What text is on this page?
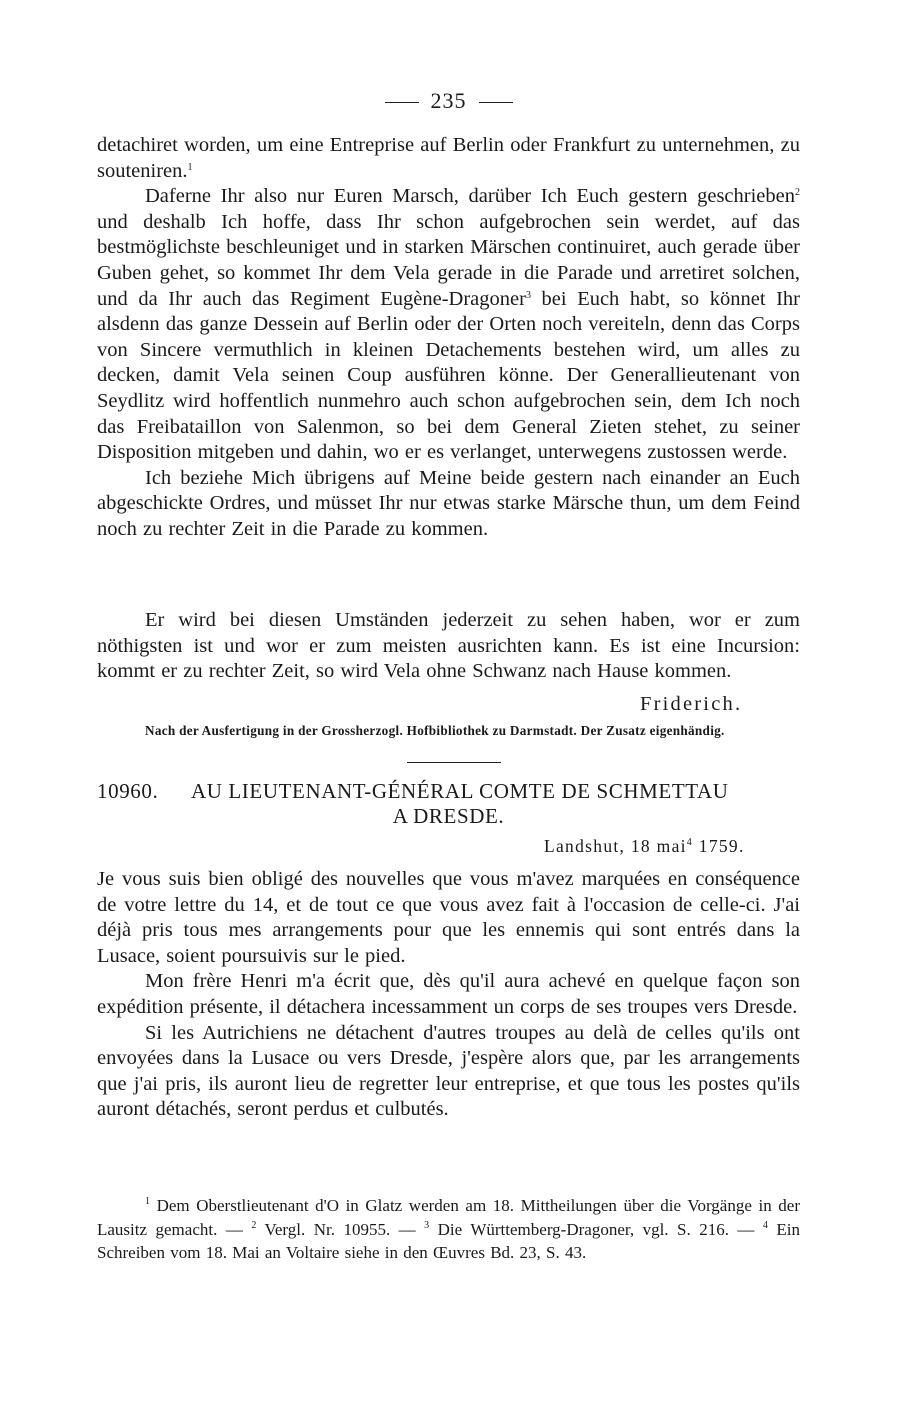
235

detachiret worden, um eine Entreprise auf Berlin oder Frankfurt zu unternehmen, zu souteniren.$^1$

Daferne Ihr also nur Euren Marsch, darüber Ich Euch gestern geschrieben$^2$ und deshalb Ich hoffe, dass Ihr schon aufgebrochen sein werdet, auf das bestmöglichste beschleuniget und in starken Märschen continuiret, auch gerade über Guben gehet, so kommet Ihr dem Vela gerade in die Parade und arretiret solchen, und da Ihr auch das Regiment Eugène-Dragoner$^3$ bei Euch habt, so könnet Ihr alsdenn das ganze Dessein auf Berlin oder der Orten noch vereiteln, denn das Corps von Sincere vermuthlich in kleinen Detachements bestehen wird, um alles zu decken, damit Vela seinen Coup ausführen könne. Der Generallieutenant von Seydlitz wird hoffentlich nunmehro auch schon aufgebrochen sein, dem Ich noch das Freibataillon von Salenmon, so bei dem General Zieten stehet, zu seiner Disposition mitgeben und dahin, wo er es verlanget, unterwegens zustossen werde.

Ich beziehe Mich übrigens auf Meine beide gestern nach einander an Euch abgeschickte Ordres, und müsset Ihr nur etwas starke Märsche thun, um dem Feind noch zu rechter Zeit in die Parade zu kommen.

Er wird bei diesen Umständen jederzeit zu sehen haben, wor er zum nöthigsten ist und wor er zum meisten ausrichten kann. Es ist eine Incursion: kommt er zu rechter Zeit, so wird Vela ohne Schwanz nach Hause kommen.

Friderich.
Nach der Ausfertigung in der Grossherzogl. Hofbibliothek zu Darmstadt. Der Zusatz eigenhändig.
10960. AU LIEUTENANT-GÉNÉRAL COMTE DE SCHMETTAU
A DRESDE.
Landshut, 18 mai$^4$ 1759.

Je vous suis bien obligé des nouvelles que vous m'avez marquées en conséquence de votre lettre du 14, et de tout ce que vous avez fait à l'occasion de celle-ci. J'ai déjà pris tous mes arrangements pour que les ennemis qui sont entrés dans la Lusace, soient poursuivis sur le pied.

Mon frère Henri m'a écrit que, dès qu'il aura achevé en quelque façon son expédition présente, il détachera incessamment un corps de ses troupes vers Dresde.

Si les Autrichiens ne détachent d'autres troupes au delà de celles qu'ils ont envoyées dans la Lusace ou vers Dresde, j'espère alors que, par les arrangements que j'ai pris, ils auront lieu de regretter leur entreprise, et que tous les postes qu'ils auront détachés, seront perdus et culbutés.

$^1$ Dem Oberstlieutenant d'O in Glatz werden am 18. Mittheilungen über die Vorgänge in der Lausitz gemacht. — $^2$ Vergl. Nr. 10955. — $^3$ Die Württemberg-Dragoner, vgl. S. 216. — $^4$ Ein Schreiben vom 18. Mai an Voltaire siehe in den Œuvres Bd. 23, S. 43.
